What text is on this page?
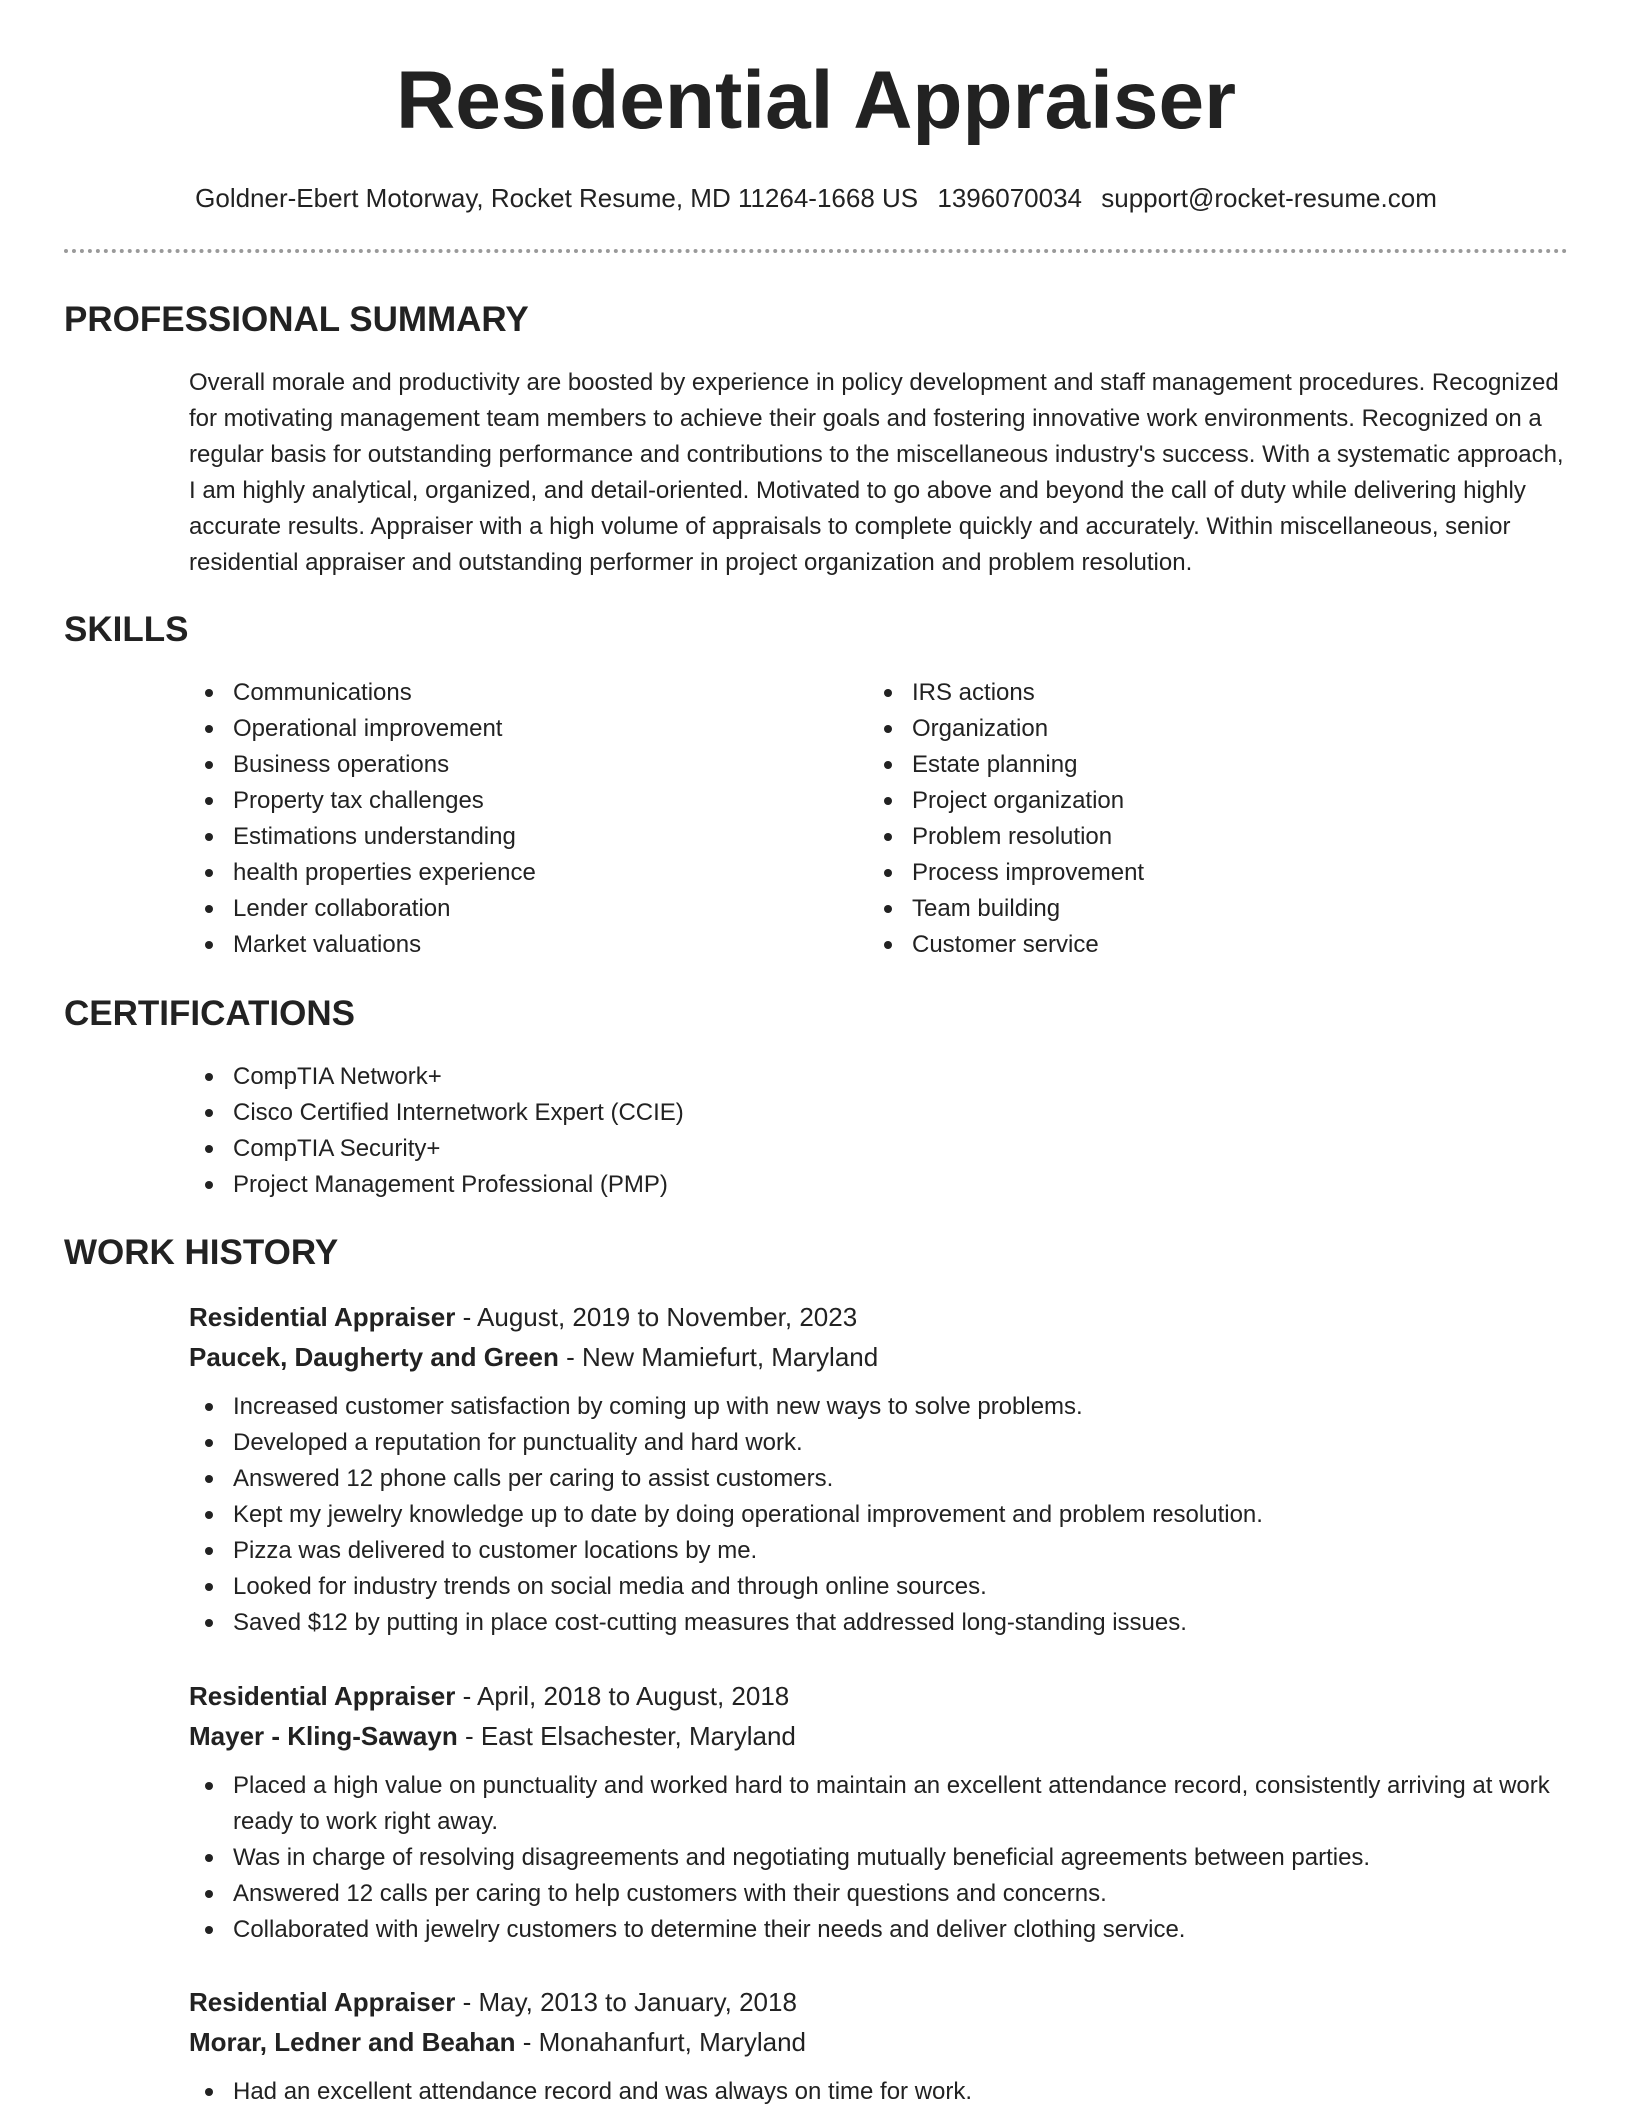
Residential Appraiser
Goldner-Ebert Motorway, Rocket Resume, MD 11264-1668 US 1396070034 support@rocket-resume.com
PROFESSIONAL SUMMARY

Overall morale and productivity are boosted by experience in policy development and staff management procedures. Recognized for motivating management team members to achieve their goals and fostering innovative work environments. Recognized on a regular basis for outstanding performance and contributions to the miscellaneous industry's success. With a systematic approach, I am highly analytical, organized, and detail-oriented. Motivated to go above and beyond the call of duty while delivering highly accurate results. Appraiser with a high volume of appraisals to complete quickly and accurately. Within miscellaneous, senior residential appraiser and outstanding performer in project organization and problem resolution.

SKILLS
Communications
Operational improvement
Business operations
Property tax challenges
Estimations understanding
health properties experience
Lender collaboration
Market valuations
IRS actions
Organization
Estate planning
Project organization
Problem resolution
Process improvement
Team building
Customer service
CERTIFICATIONS
CompTIA Network+
Cisco Certified Internetwork Expert (CCIE)
CompTIA Security+
Project Management Professional (PMP)
WORK HISTORY

Residential Appraiser - August, 2019 to November, 2023

Paucek, Daugherty and Green - New Mamiefurt, Maryland

Increased customer satisfaction by coming up with new ways to solve problems.
Developed a reputation for punctuality and hard work.
Answered 12 phone calls per caring to assist customers.
Kept my jewelry knowledge up to date by doing operational improvement and problem resolution.
Pizza was delivered to customer locations by me.
Looked for industry trends on social media and through online sources.
Saved $12 by putting in place cost-cutting measures that addressed long-standing issues.

Residential Appraiser - April, 2018 to August, 2018

Mayer - Kling-Sawayn - East Elsachester, Maryland

Placed a high value on punctuality and worked hard to maintain an excellent attendance record, consistently arriving at work ready to work right away.
Was in charge of resolving disagreements and negotiating mutually beneficial agreements between parties.
Answered 12 calls per caring to help customers with their questions and concerns.
Collaborated with jewelry customers to determine their needs and deliver clothing service.

Residential Appraiser - May, 2013 to January, 2018

Morar, Ledner and Beahan - Monahanfurt, Maryland

Had an excellent attendance record and was always on time for work.
